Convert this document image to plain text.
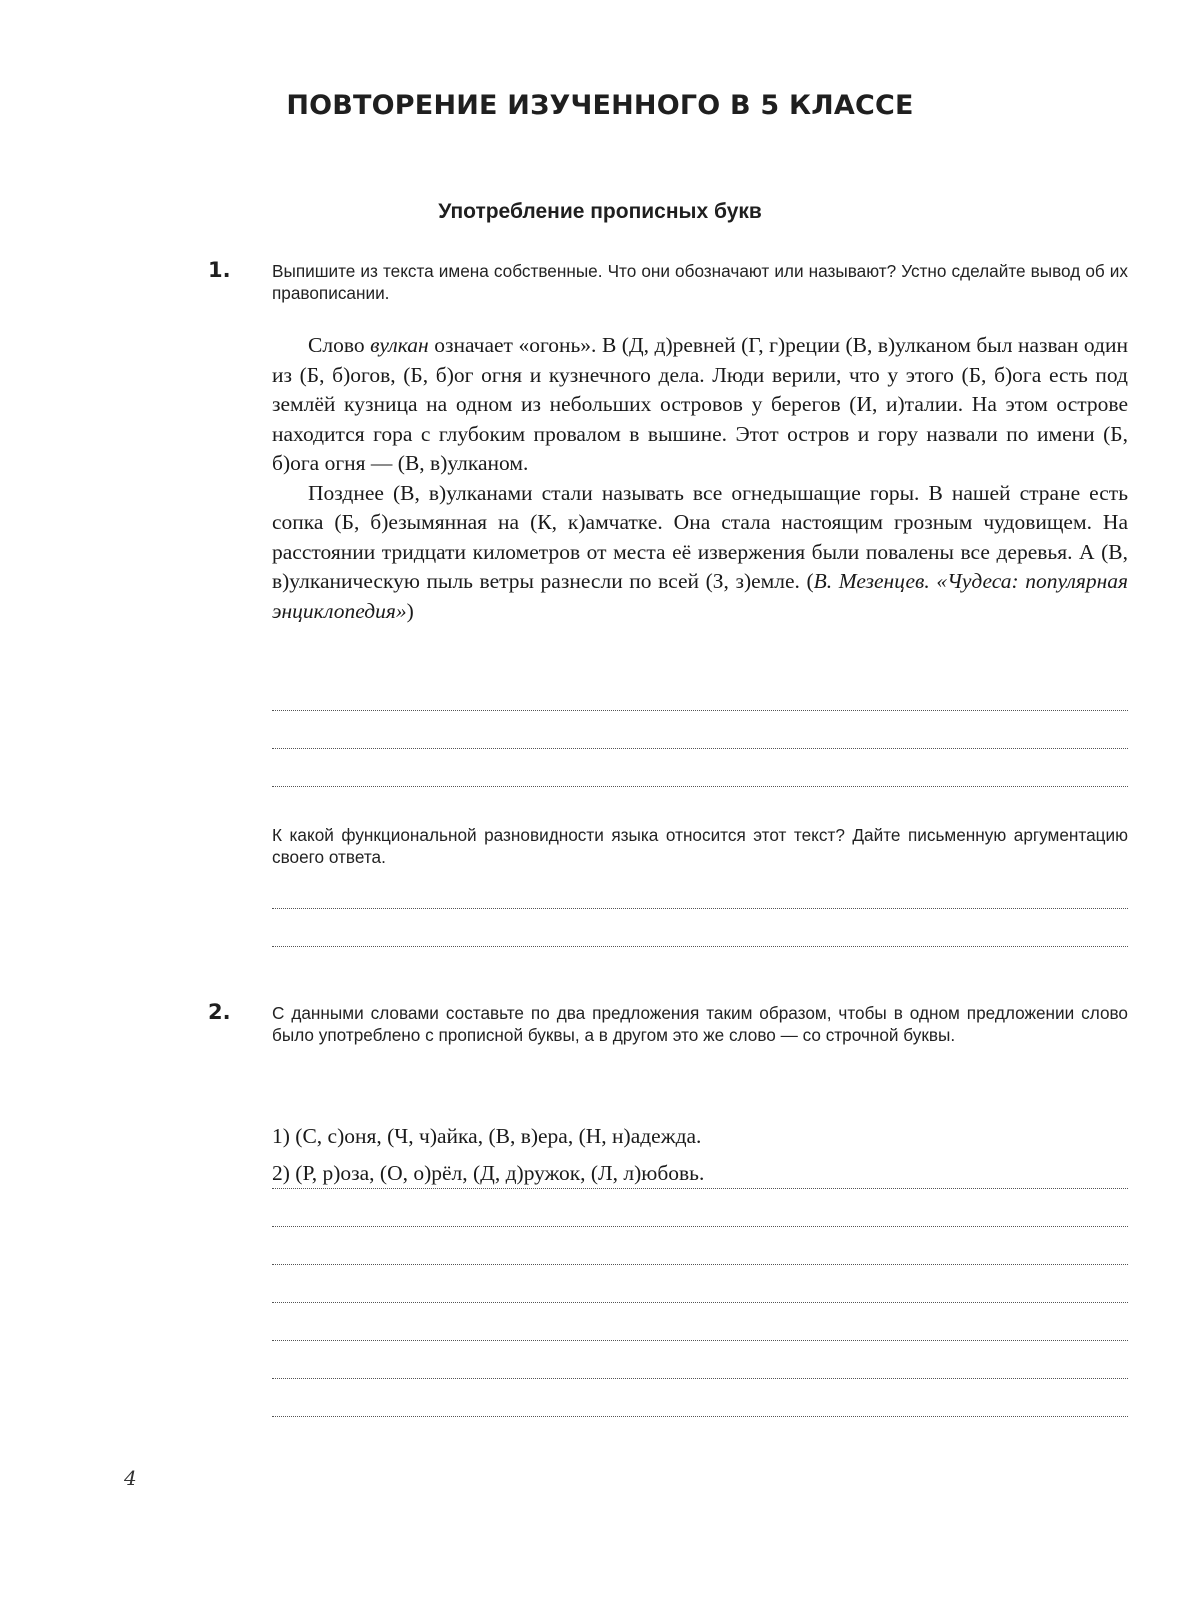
ПОВТОРЕНИЕ ИЗУЧЕННОГО В 5 КЛАССЕ
Употребление прописных букв
1. Выпишите из текста имена собственные. Что они обозначают или называют? Устно сделайте вывод об их правописании.

Слово вулкан означает «огонь». В (Д, д)ревней (Г, г)реции (В, в)улканом был назван один из (Б, б)огов, (Б, б)ог огня и кузнечного дела. Люди верили, что у этого (Б, б)ога есть под землёй кузница на одном из небольших островов у берегов (И, и)талии. На этом острове находится гора с глубоким провалом в вышине. Этот остров и гору назвали по имени (Б, б)ога огня — (В, в)улканом.

Позднее (В, в)улканами стали называть все огнедышащие горы. В нашей стране есть сопка (Б, б)езымянная на (К, к)амчатке. Она стала настоящим грозным чудовищем. На расстоянии тридцати километров от места её извержения были повалены все деревья. А (В, в)улканическую пыль ветры разнесли по всей (З, з)емле. (В. Мезенцев. «Чудеса: популярная энциклопедия»)

К какой функциональной разновидности языка относится этот текст? Дайте письменную аргументацию своего ответа.
2. С данными словами составьте по два предложения таким образом, чтобы в одном предложении слово было употреблено с прописной буквы, а в другом это же слово — со строчной буквы.
1) (С, с)оня, (Ч, ч)айка, (В, в)ера, (Н, н)адежда.
2) (Р, р)оза, (О, о)рёл, (Д, д)ружок, (Л, л)юбовь.
4
